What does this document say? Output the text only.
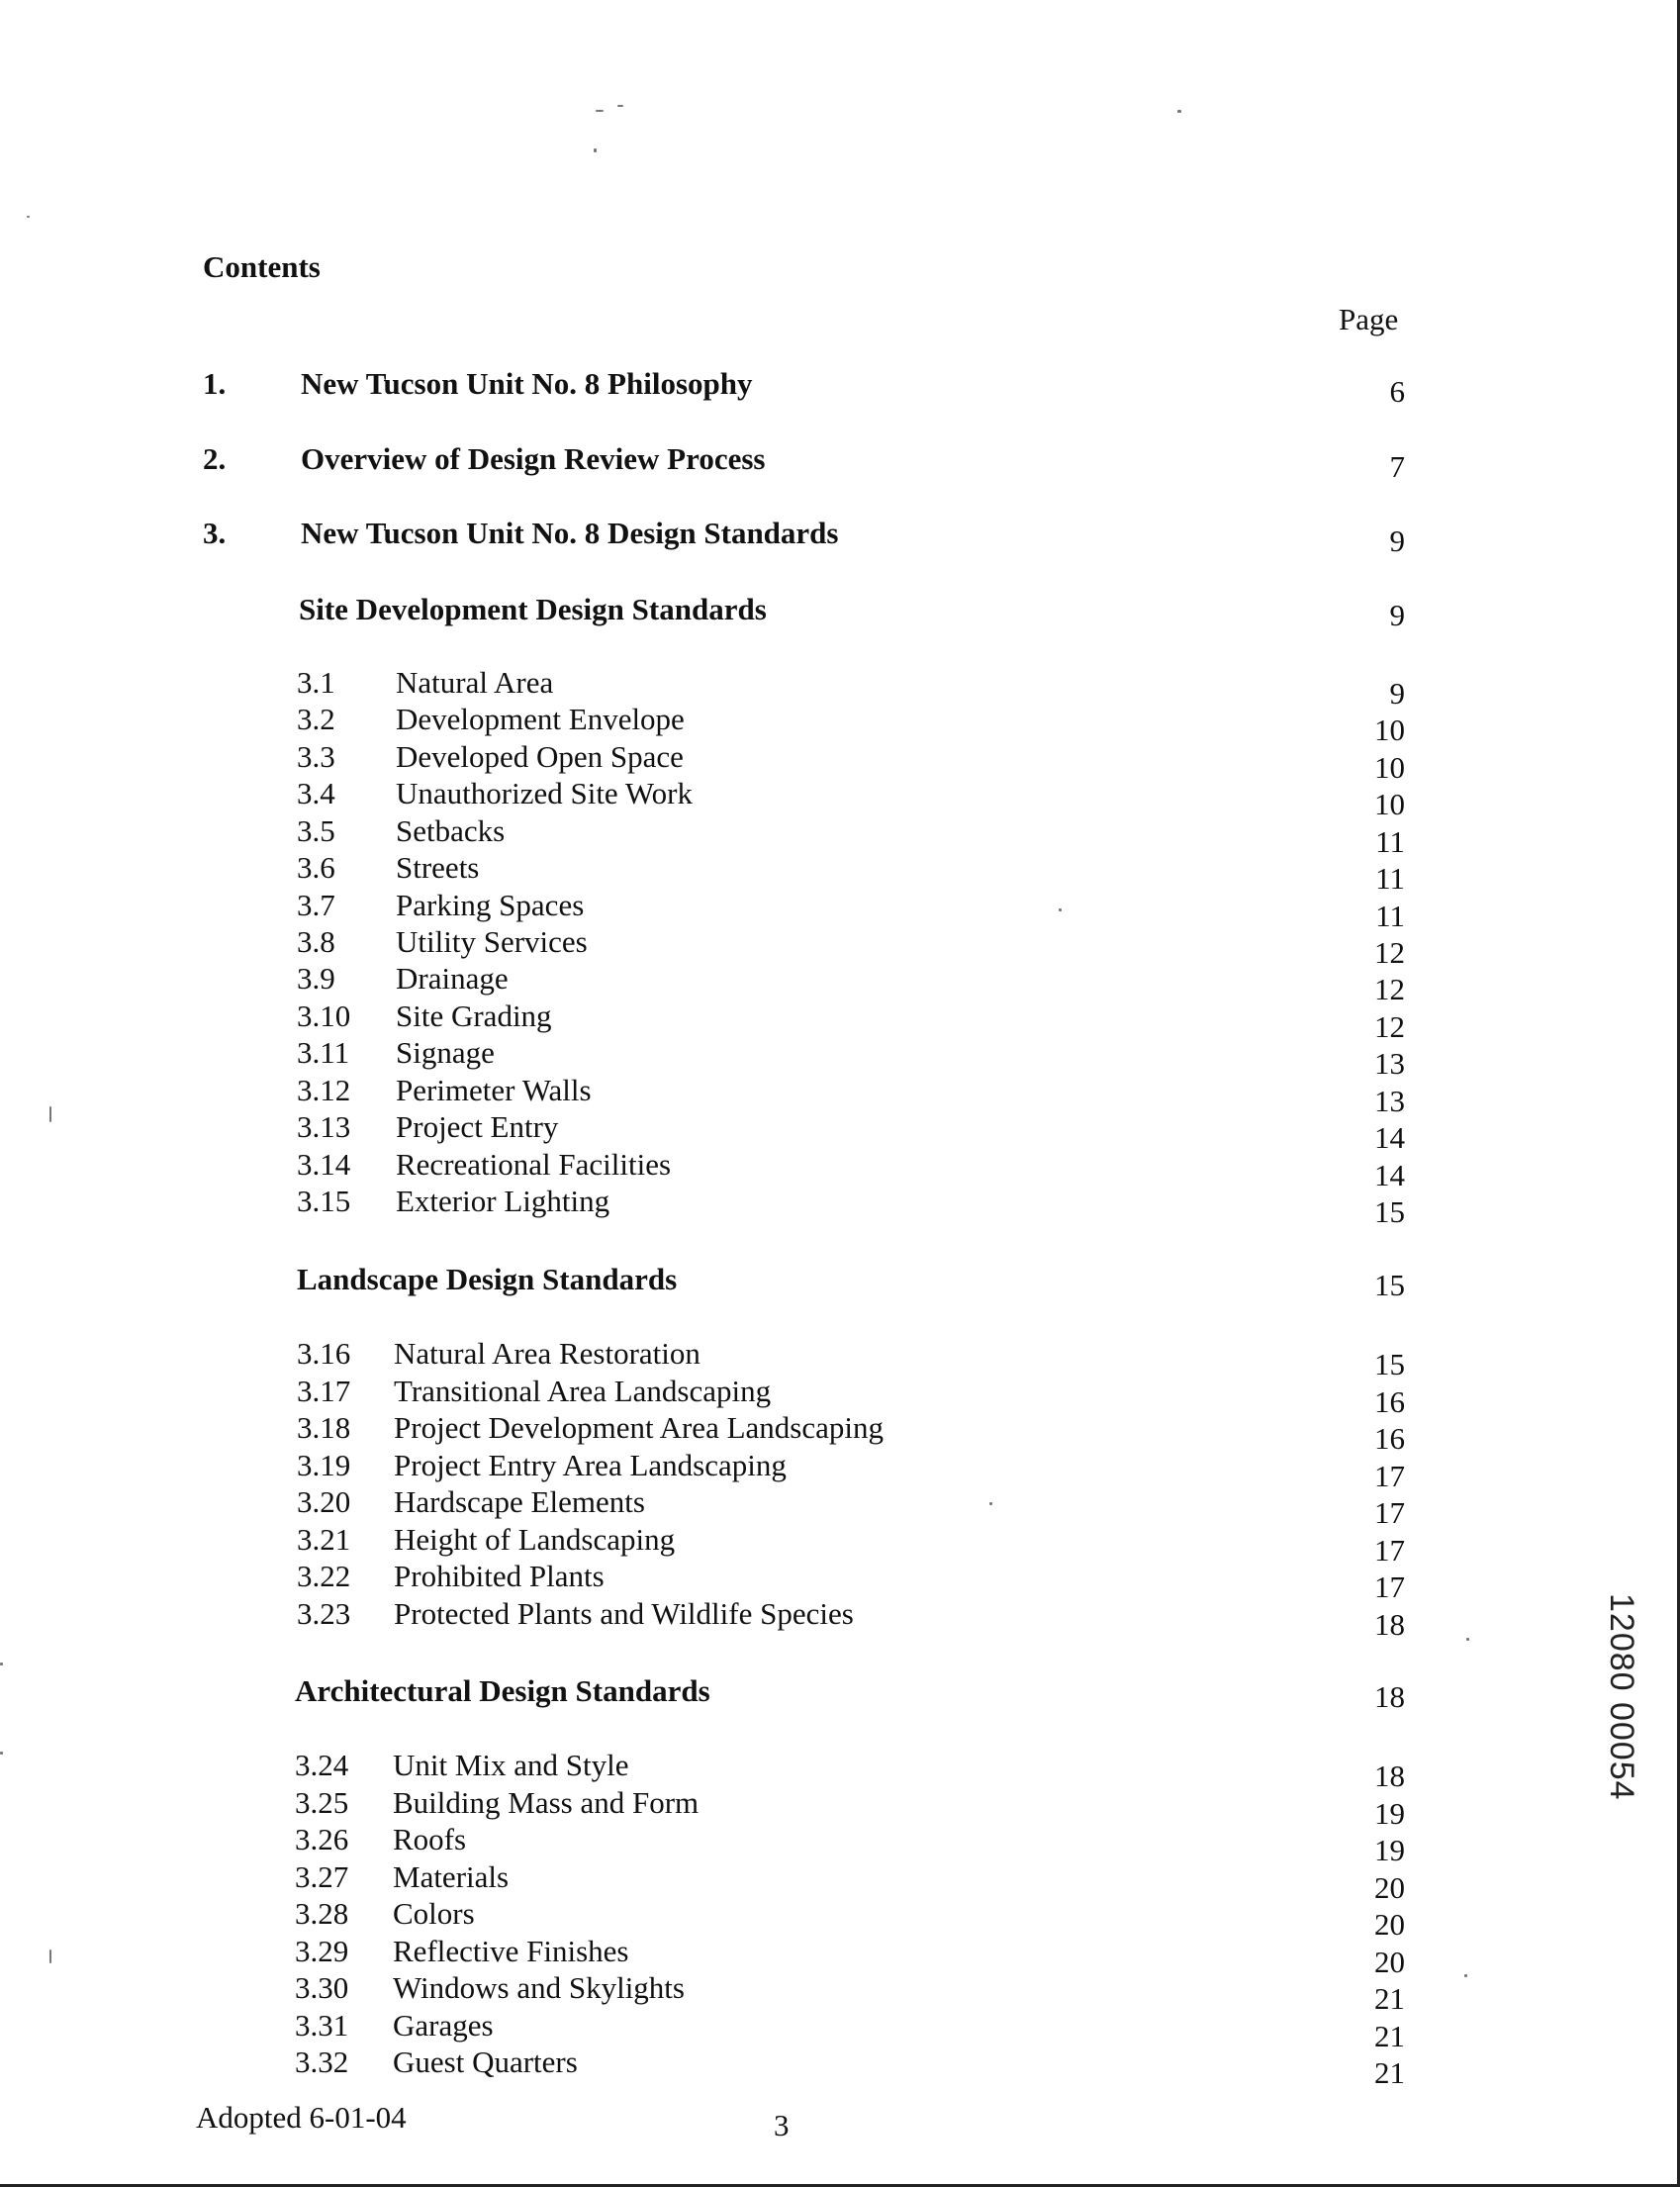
Contents
Page
1. New Tucson Unit No. 8 Philosophy	6
2. Overview of Design Review Process	7
3. New Tucson Unit No. 8 Design Standards	9
Site Development Design Standards	9
3.1 Natural Area	9
3.2 Development Envelope	10
3.3 Developed Open Space	10
3.4 Unauthorized Site Work	10
3.5 Setbacks	11
3.6 Streets	11
3.7 Parking Spaces	11
3.8 Utility Services	12
3.9 Drainage	12
3.10 Site Grading	12
3.11 Signage	13
3.12 Perimeter Walls	13
3.13 Project Entry	14
3.14 Recreational Facilities	14
3.15 Exterior Lighting	15
Landscape Design Standards	15
3.16 Natural Area Restoration	15
3.17 Transitional Area Landscaping	16
3.18 Project Development Area Landscaping	16
3.19 Project Entry Area Landscaping	17
3.20 Hardscape Elements	17
3.21 Height of Landscaping	17
3.22 Prohibited Plants	17
3.23 Protected Plants and Wildlife Species	18
Architectural Design Standards	18
3.24 Unit Mix and Style	18
3.25 Building Mass and Form	19
3.26 Roofs	19
3.27 Materials	20
3.28 Colors	20
3.29 Reflective Finishes	20
3.30 Windows and Skylights	21
3.31 Garages	21
3.32 Guest Quarters	21
Adopted 6-01-04	3
12080 00054
